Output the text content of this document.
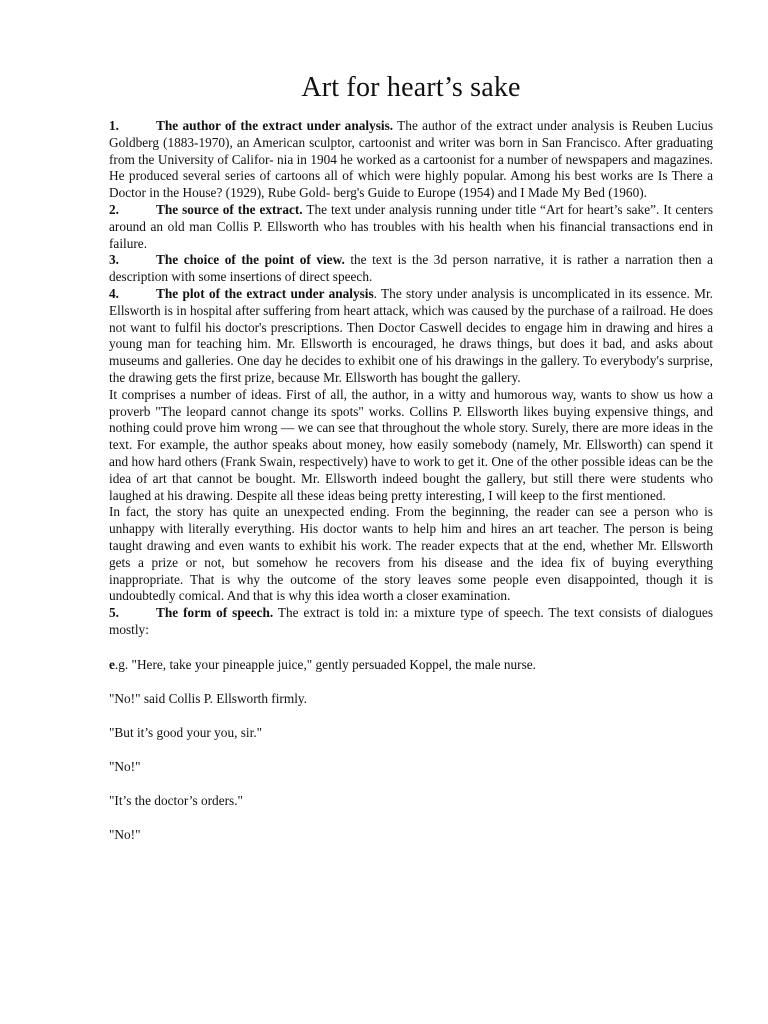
Art for heart’s sake

1.	The author of the extract under analysis. The author of the extract under analysis is Reuben Lucius Goldberg (1883-1970), an American sculptor, cartoonist and writer was born in San Francisco. After graduating from the University of Califor- nia in 1904 he worked as a cartoonist for a number of newspapers and magazines. He produced several series of cartoons all of which were highly popular. Among his best works are Is There a Doctor in the House? (1929), Rube Gold- berg's Guide to Europe (1954) and I Made My Bed (1960).

2.	The source of the extract. The text under analysis running under title “Art for heart’s sake”. It centers around an old man Collis P. Ellsworth who has troubles with his health when his financial transactions end in failure.

3.	The choice of the point of view. the text is the 3d person narrative, it is rather a narration then a description with some insertions of direct speech.

4.	The plot of the extract under analysis. The story under analysis is uncomplicated in its essence. Mr. Ellsworth is in hospital after suffering from heart attack, which was caused by the purchase of a railroad. He does not want to fulfil his doctor's prescriptions. Then Doctor Caswell decides to engage him in drawing and hires a young man for teaching him. Mr. Ellsworth is encouraged, he draws things, but does it bad, and asks about museums and galleries. One day he decides to exhibit one of his drawings in the gallery. To everybody's surprise, the drawing gets the first prize, because Mr. Ellsworth has bought the gallery.

It comprises a number of ideas. First of all, the author, in a witty and humorous way, wants to show us how a proverb "The leopard cannot change its spots" works. Collins P. Ellsworth likes buying expensive things, and nothing could prove him wrong — we can see that throughout the whole story. Surely, there are more ideas in the text. For example, the author speaks about money, how easily somebody (namely, Mr. Ellsworth) can spend it and how hard others (Frank Swain, respectively) have to work to get it. One of the other possible ideas can be the idea of art that cannot be bought. Mr. Ellsworth indeed bought the gallery, but still there were students who laughed at his drawing. Despite all these ideas being pretty interesting, I will keep to the first mentioned.

In fact, the story has quite an unexpected ending. From the beginning, the reader can see a person who is unhappy with literally everything. His doctor wants to help him and hires an art teacher. The person is being taught drawing and even wants to exhibit his work. The reader expects that at the end, whether Mr. Ellsworth gets a prize or not, but somehow he recovers from his disease and the idea fix of buying everything inappropriate. That is why the outcome of the story leaves some people even disappointed, though it is undoubtedly comical. And that is why this idea worth a closer examination.

5.	The form of speech. The extract is told in: a mixture type of speech. The text consists of dialogues mostly:

e.g. "Here, take your pineapple juice," gently persuaded Koppel, the male nurse.

"No!" said Collis P. Ellsworth firmly.

"But it’s good your you, sir."

"No!"

"It’s the doctor’s orders."

"No!"
